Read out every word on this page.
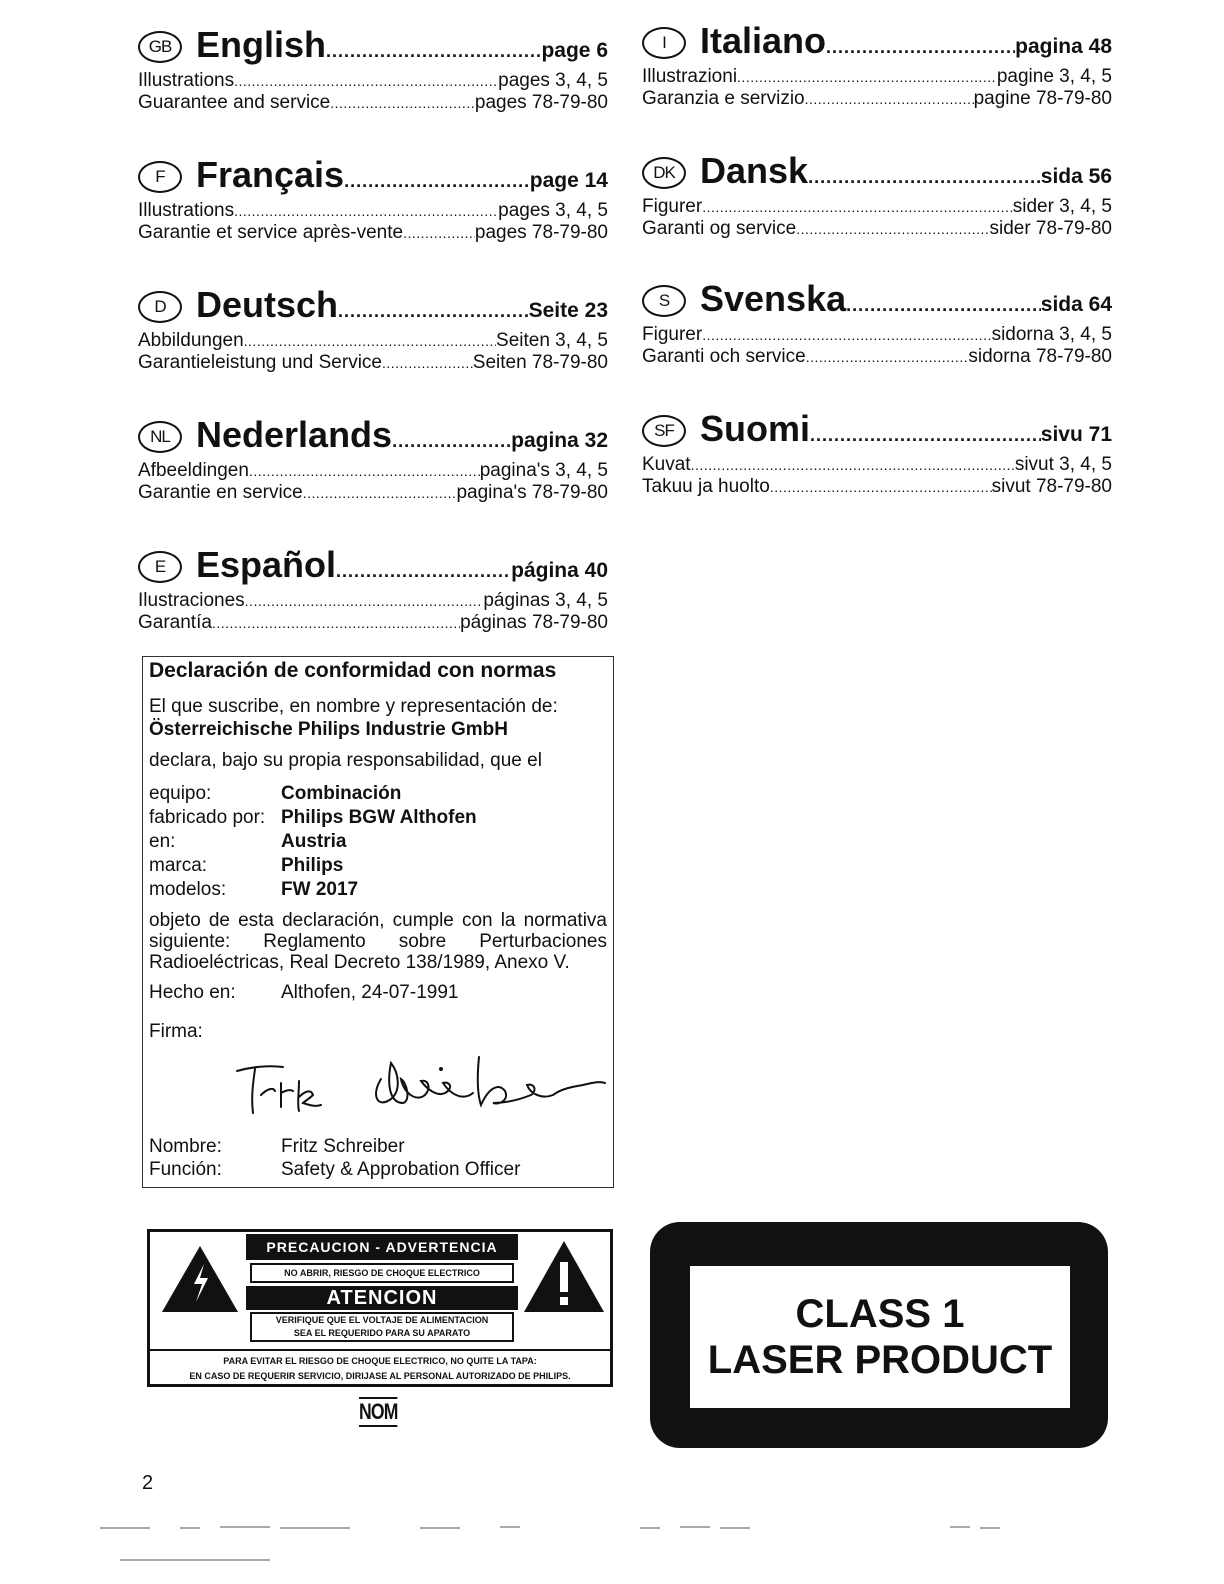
GB English .....	page 6
Illustrations .....	pages 3, 4, 5
Guarantee and service .....	pages 78-79-80
F Français .....	page 14
Illustrations .....	pages 3, 4, 5
Garantie et service après-vente .....	pages 78-79-80
D Deutsch .....	Seite 23
Abbildungen .....	Seiten 3, 4, 5
Garantieleistung und Service .....	Seiten 78-79-80
NL Nederlands .....	pagina 32
Afbeeldingen .....	pagina's 3, 4, 5
Garantie en service .....	pagina's 78-79-80
E Español .....	página 40
Ilustraciones .....	páginas 3, 4, 5
Garantía .....	páginas 78-79-80
I Italiano .....	pagina 48
Illustrazioni .....	pagine 3, 4, 5
Garanzia e servizio .....	pagine 78-79-80
DK Dansk .....	sida 56
Figurer .....	sider 3, 4, 5
Garanti og service .....	sider 78-79-80
S Svenska .....	sida 64
Figurer .....	sidorna 3, 4, 5
Garanti och service .....	sidorna 78-79-80
SF Suomi .....	sivu 71
Kuvat .....	sivut 3, 4, 5
Takuu ja huolto .....	sivut 78-79-80
Declaración de conformidad con normas
El que suscribe, en nombre y representación de:
Österreichische Philips Industrie GmbH
declara, bajo su propia responsabilidad, que el
equipo:	Combinación
fabricado por: Philips BGW Althofen
en:	Austria
marca:	Philips
modelos:	FW 2017
objeto de esta declaración, cumple con la normativa siguiente: Reglamento sobre Perturbaciones Radioeléctricas, Real Decreto 138/1989, Anexo V.
Hecho en:	Althofen, 24-07-1991
Firma:
Nombre:	Fritz Schreiber
Función:	Safety & Approbation Officer
PRECAUCION - ADVERTENCIA
NO ABRIR, RIESGO DE CHOQUE ELECTRICO
ATENCION
VERIFIQUE QUE EL VOLTAJE DE ALIMENTACION
SEA EL REQUERIDO PARA SU APARATO
PARA EVITAR EL RIESGO DE CHOQUE ELECTRICO, NO QUITE LA TAPA:
EN CASO DE REQUERIR SERVICIO, DIRIJASE AL PERSONAL AUTORIZADO DE PHILIPS.
NOM
CLASS 1
LASER PRODUCT
2
